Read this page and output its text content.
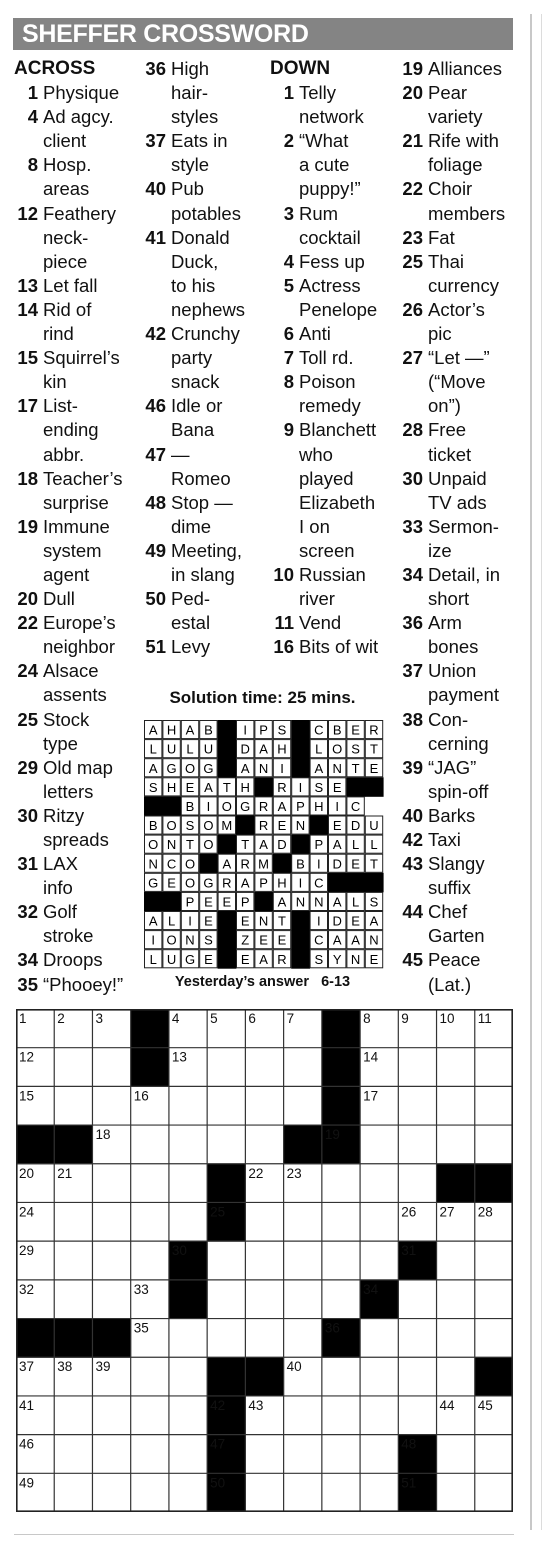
SHEFFER CROSSWORD
ACROSS
1 Physique
4 Ad agcy.
client
8 Hosp.
areas
12 Feathery
neck-
piece
13 Let fall
14 Rid of
rind
15 Squirrel’s
kin
17 List-
ending
abbr.
18 Teacher’s
surprise
19 Immune
system
agent
20 Dull
22 Europe’s
neighbor
24 Alsace
assents
25 Stock
type
29 Old map
letters
30 Ritzy
spreads
31 LAX
info
32 Golf
stroke
34 Droops
35 “Phooey!”
36 High
hair-
styles
37 Eats in
style
40 Pub
potables
41 Donald
Duck,
to his
nephews
42 Crunchy
party
snack
46 Idle or
Bana
47 —
Romeo
48 Stop —
dime
49 Meeting,
in slang
50 Ped-
estal
51 Levy
DOWN
1 Telly
network
2 “What
a cute
puppy!”
3 Rum
cocktail
4 Fess up
5 Actress
Penelope
6 Anti
7 Toll rd.
8 Poison
remedy
9 Blanchett
who
played
Elizabeth
I on
screen
10 Russian
river
11 Vend
16 Bits of wit
19 Alliances
20 Pear
variety
21 Rife with
foliage
22 Choir
members
23 Fat
25 Thai
currency
26 Actor’s
pic
27 “Let —”
(“Move
on”)
28 Free
ticket
30 Unpaid
TV ads
33 Sermon-
ize
34 Detail, in
short
36 Arm
bones
37 Union
payment
38 Con-
cerning
39 “JAG”
spin-off
40 Barks
42 Taxi
43 Slangy
suffix
44 Chef
Garten
45 Peace
(Lat.)
Solution time: 25 mins.
A H A B I P S C B E R
L U L U D A H L O S T
A G O G A N I A N T E
S H E A T H R I S E
B I O G R A P H I C
B O S O M R E N E D U
O N T O T A D P A L L
N C O A R M B I D E T
G E O G R A P H I C
P E E P A N N A L S
A L I E E N T I D E A
I O N S Z E E C A A N
L U G E E A R S Y N E
Yesterday’s answer 6-13
1 2 3	4 5 6 7	8 9 10 11
12	13	14
15	16	17
18	19
20 21	22 23
24	25	26 27 28
29	30	31
32	33	34
35	36
37 38 39	40
41	42 43	44 45
46	47	48
49	50	51
